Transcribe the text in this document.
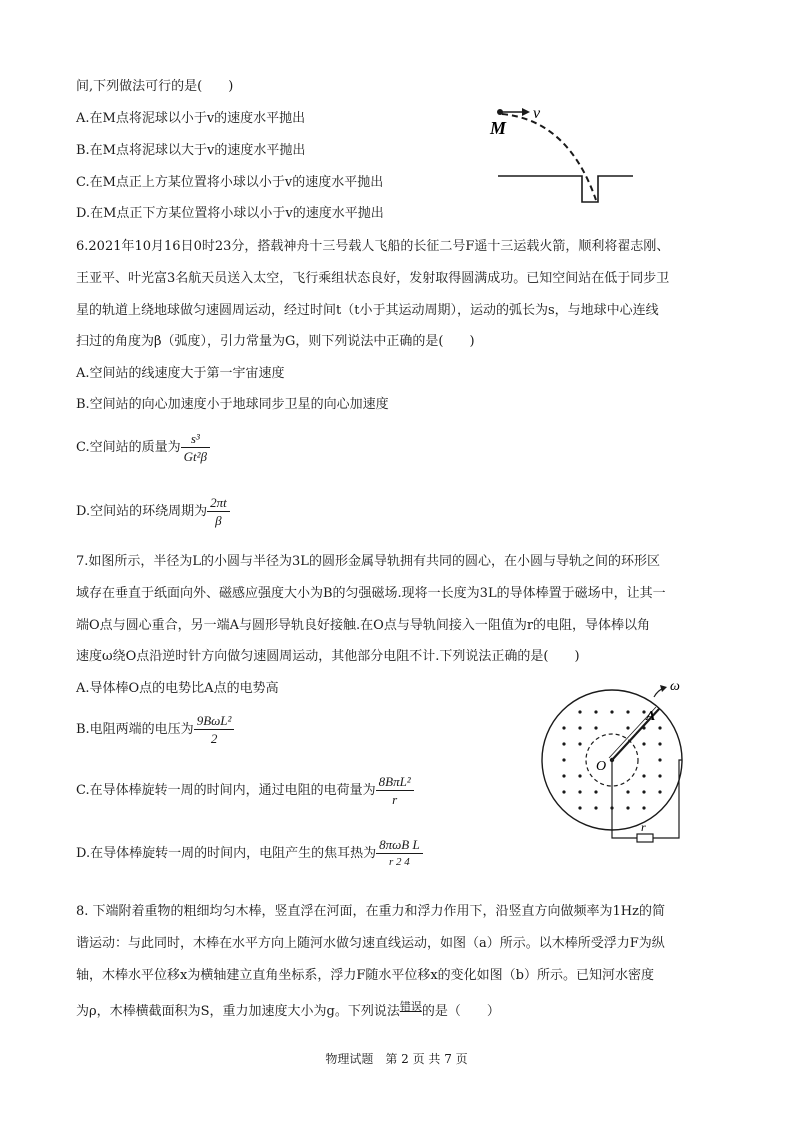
间,下列做法可行的是(　　)
A.在M点将泥球以小于v的速度水平抛出
B.在M点将泥球以大于v的速度水平抛出
C.在M点正上方某位置将小球以小于v的速度水平抛出
D.在M点正下方某位置将小球以小于v的速度水平抛出
v
M
6.2021年10月16日0时23分，搭载神舟十三号载人飞船的长征二号F遥十三运载火箭，顺利将翟志刚、
王亚平、叶光富3名航天员送入太空，飞行乘组状态良好，发射取得圆满成功。已知空间站在低于同步卫
星的轨道上绕地球做匀速圆周运动，经过时间t（t小于其运动周期），运动的弧长为s，与地球中心连线
扫过的角度为β（弧度），引力常量为G，则下列说法中正确的是(　　)
A.空间站的线速度大于第一宇宙速度
B.空间站的向心加速度小于地球同步卫星的向心加速度
C.空间站的质量为 $\frac{\text{s³}}{\text{Gt²β}}$
D.空间站的环绕周期为 $\frac{2\pi t}{\beta}$
7.如图所示，半径为L的小圆与半径为3L的圆形金属导轨拥有共同的圆心，在小圆与导轨之间的环形区
域存在垂直于纸面向外、磁感应强度大小为B的匀强磁场.现将一长度为3L的导体棒置于磁场中，让其一
端O点与圆心重合，另一端A与圆形导轨良好接触.在O点与导轨间接入一阻值为r的电阻，导体棒以角
速度ω绕O点沿逆时针方向做匀速圆周运动，其他部分电阻不计.下列说法正确的是(　　)
A.导体棒O点的电势比A点的电势高
B.电阻两端的电压为 $\frac{\text{9BωL²}}{2}$
C.在导体棒旋转一周的时间内，通过电阻的电荷量为 $\frac{\text{8BπL²}}{r}$
D.在导体棒旋转一周的时间内，电阻产生的焦耳热为 $\frac{\text{8πωB L}}{r 2 4}$
O
A
ω
r
8. 下端附着重物的粗细均匀木棒，竖直浮在河面，在重力和浮力作用下，沿竖直方向做频率为1Hz的简
谐运动：与此同时，木棒在水平方向上随河水做匀速直线运动，如图（a）所示。以木棒所受浮力F为纵
轴，木棒水平位移x为横轴建立直角坐标系，浮力F随水平位移x的变化如图（b）所示。已知河水密度
为ρ，木棒横截面积为S，重力加速度大小为g。下列说法$^{错误}$的是（　　）
物理试题　第 2 页 共 7 页
